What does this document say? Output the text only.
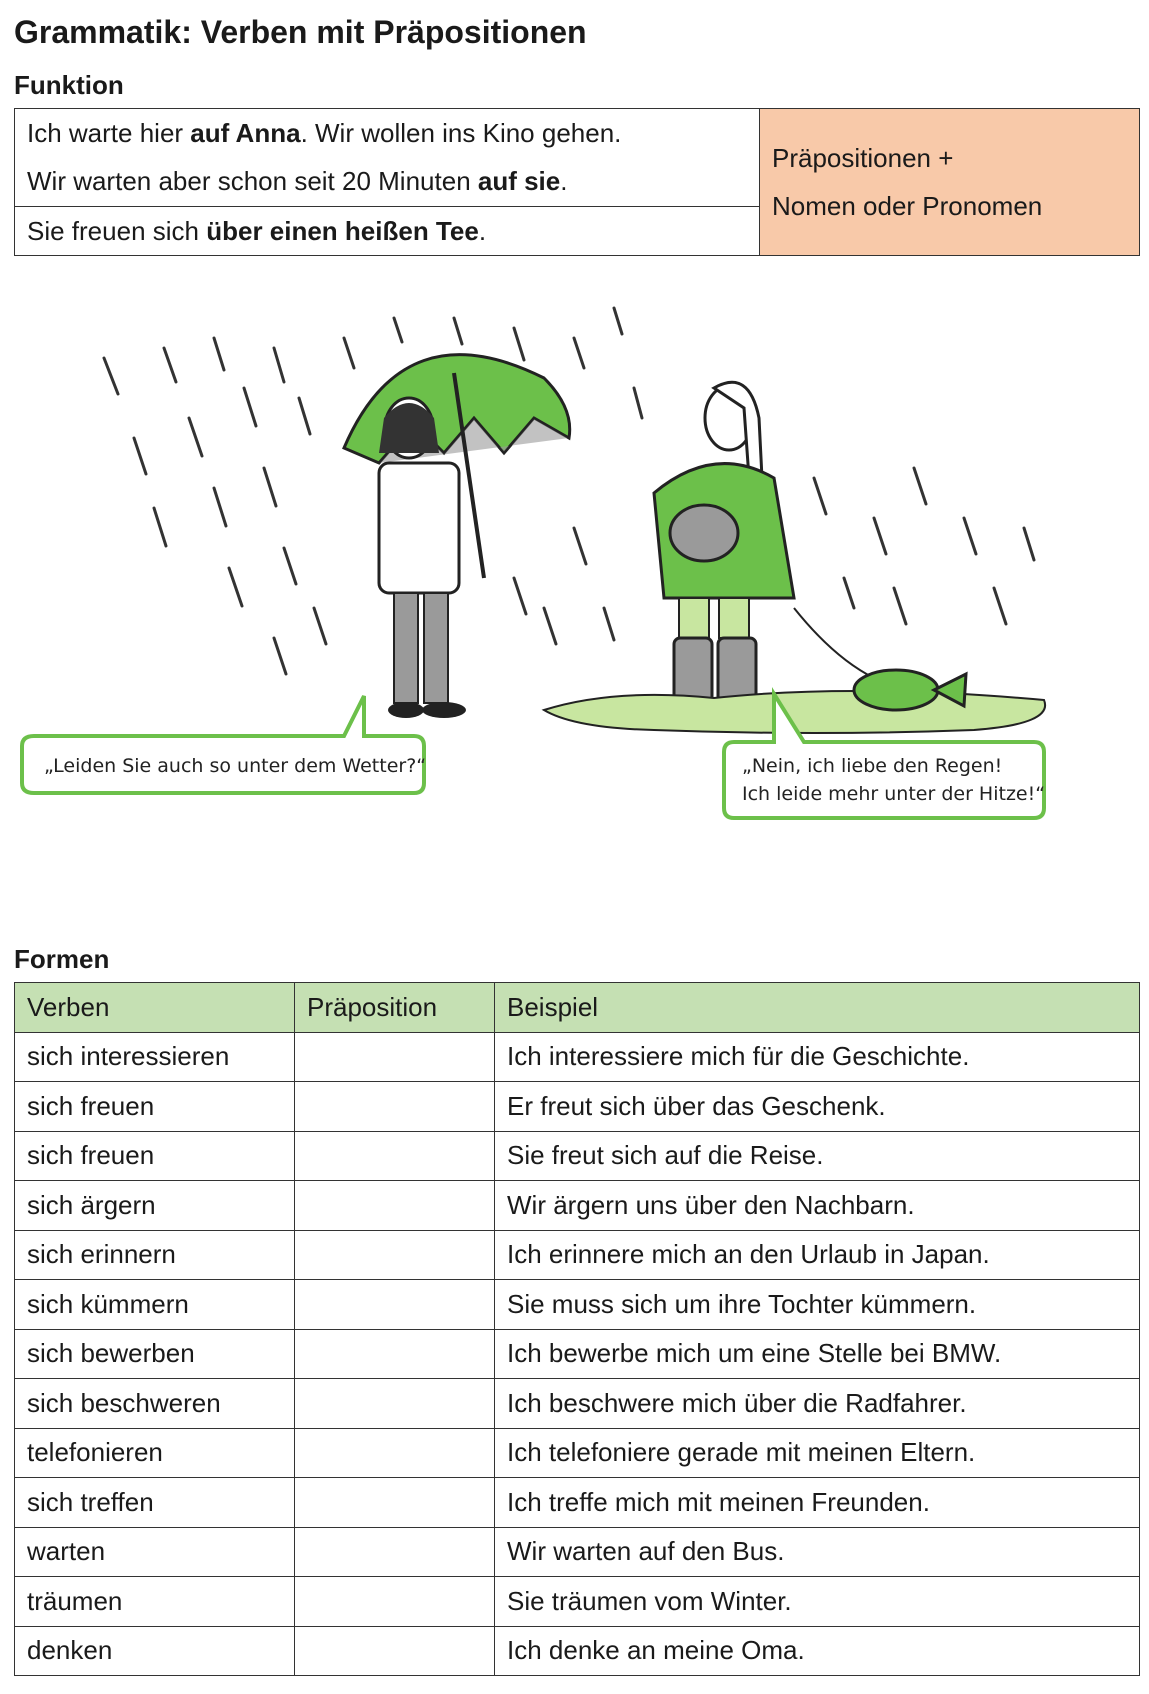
Grammatik: Verben mit Präpositionen
Funktion
Ich warte hier auf Anna. Wir wollen ins Kino gehen.
Wir warten aber schon seit 20 Minuten auf sie.

Präpositionen +
Nomen oder Pronomen

Sie freuen sich über einen heißen Tee.
„Leiden Sie auch so unter dem Wetter?“	„Nein, ich liebe den Regen!
Ich leide mehr unter der Hitze!“
Formen
Verben	Präposition	Beispiel
sich interessieren		Ich interessiere mich für die Geschichte.
sich freuen		Er freut sich über das Geschenk.
sich freuen		Sie freut sich auf die Reise.
sich ärgern		Wir ärgern uns über den Nachbarn.
sich erinnern		Ich erinnere mich an den Urlaub in Japan.
sich kümmern		Sie muss sich um ihre Tochter kümmern.
sich bewerben		Ich bewerbe mich um eine Stelle bei BMW.
sich beschweren		Ich beschwere mich über die Radfahrer.
telefonieren		Ich telefoniere gerade mit meinen Eltern.
sich treffen		Ich treffe mich mit meinen Freunden.
warten		Wir warten auf den Bus.
träumen		Sie träumen vom Winter.
denken		Ich denke an meine Oma.
